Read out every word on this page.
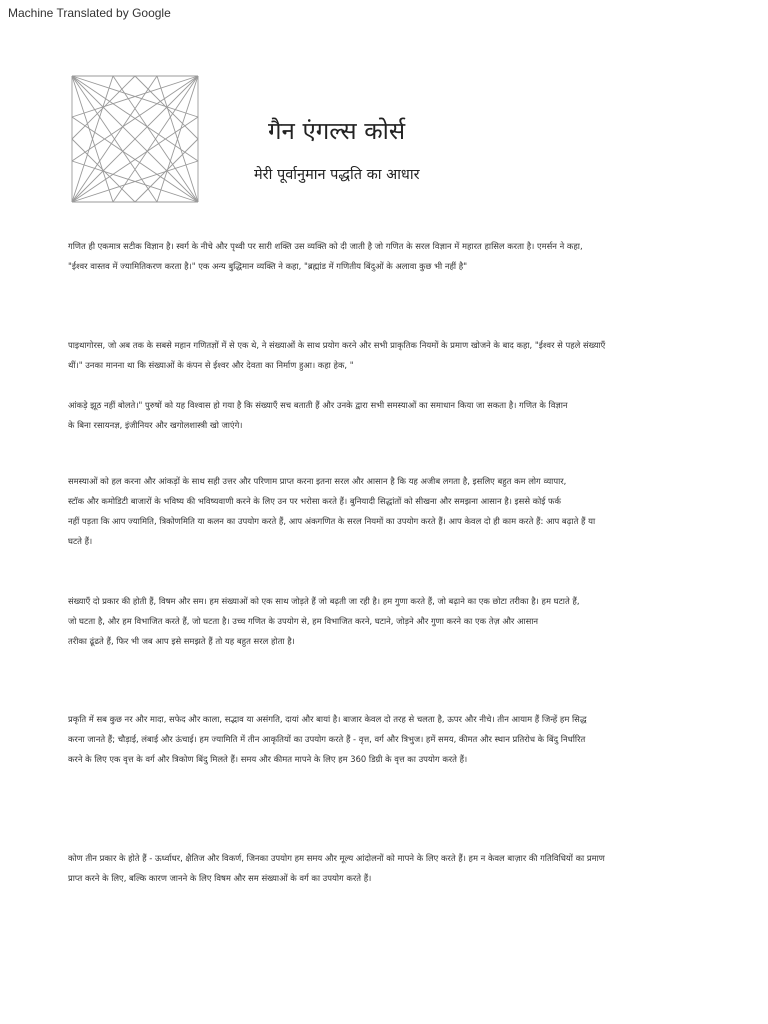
Machine Translated by Google
गैन एंगल्स कोर्स
मेरी पूर्वानुमान पद्धति का आधार
गणित ही एकमात्र सटीक विज्ञान है। स्वर्ग के नीचे और पृथ्वी पर सारी शक्ति उस व्यक्ति को दी जाती है जो गणित के सरल विज्ञान में महारत हासिल करता है। एमर्सन ने कहा,
"ईश्वर वास्तव में ज्यामितिकरण करता है।" एक अन्य बुद्धिमान व्यक्ति ने कहा, "ब्रह्मांड में गणितीय बिंदुओं के अलावा कुछ भी नहीं है"
पाइथागोरस, जो अब तक के सबसे महान गणितज्ञों में से एक थे, ने संख्याओं के साथ प्रयोग करने और सभी प्राकृतिक नियमों के प्रमाण खोजने के बाद कहा, "ईश्वर से पहले संख्याएँ
थीं।" उनका मानना था कि संख्याओं के कंपन से ईश्वर और देवता का निर्माण हुआ। कहा हेक, "
आंकड़े झूठ नहीं बोलते।" पुरुषों को यह विश्वास हो गया है कि संख्याएँ सच बताती हैं और उनके द्वारा सभी समस्याओं का समाधान किया जा सकता है। गणित के विज्ञान
के बिना रसायनज्ञ, इंजीनियर और खगोलशास्त्री खो जाएंगे।
समस्याओं को हल करना और आंकड़ों के साथ सही उत्तर और परिणाम प्राप्त करना इतना सरल और आसान है कि यह अजीब लगता है, इसलिए बहुत कम लोग व्यापार,
स्टॉक और कमोडिटी बाजारों के भविष्य की भविष्यवाणी करने के लिए उन पर भरोसा करते हैं। बुनियादी सिद्धांतों को सीखना और समझना आसान है। इससे कोई फर्क
नहीं पड़ता कि आप ज्यामिति, त्रिकोणमिति या कलन का उपयोग करते हैं, आप अंकगणित के सरल नियमों का उपयोग करते हैं। आप केवल दो ही काम करते हैं: आप बढ़ाते हैं या
घटते हैं।
संख्याएँ दो प्रकार की होती हैं, विषम और सम। हम संख्याओं को एक साथ जोड़ते हैं जो बढ़ती जा रही है। हम गुणा करते हैं, जो बढ़ाने का एक छोटा तरीका है। हम घटाते हैं,
जो घटता है, और हम विभाजित करते हैं, जो घटता है। उच्च गणित के उपयोग से, हम विभाजित करने, घटाने, जोड़ने और गुणा करने का एक तेज़ और आसान
तरीका ढूंढते हैं, फिर भी जब आप इसे समझते हैं तो यह बहुत सरल होता है।
प्रकृति में सब कुछ नर और मादा, सफेद और काला, सद्भाव या असंगति, दायां और बायां है। बाजार केवल दो तरह से चलता है, ऊपर और नीचे। तीन आयाम हैं जिन्हें हम सिद्ध
करना जानते हैं; चौड़ाई, लंबाई और ऊंचाई। हम ज्यामिति में तीन आकृतियों का उपयोग करते हैं - वृत्त, वर्ग और त्रिभुज। हमें समय, कीमत और स्थान प्रतिरोध के बिंदु निर्धारित
करने के लिए एक वृत्त के वर्ग और त्रिकोण बिंदु मिलते हैं। समय और कीमत मापने के लिए हम 360 डिग्री के वृत्त का उपयोग करते हैं।
कोण तीन प्रकार के होते हैं - ऊर्ध्वाधर, क्षैतिज और विकर्ण, जिनका उपयोग हम समय और मूल्य आंदोलनों को मापने के लिए करते हैं। हम न केवल बाज़ार की गतिविधियों का प्रमाण
प्राप्त करने के लिए, बल्कि कारण जानने के लिए विषम और सम संख्याओं के वर्ग का उपयोग करते हैं।
